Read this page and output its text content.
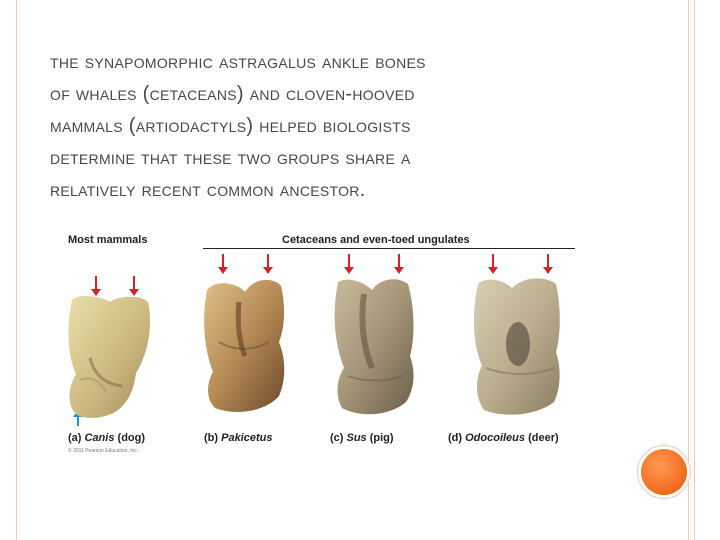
the synapomorphic astragalus ankle bones
of whales (cetaceans) and cloven-hooved
mammals (artiodactyls) helped biologists
determine that these two groups share a
relatively recent common ancestor.
Most mammals	Cetaceans and even-toed ungulates
(a) Canis (dog)	(b) Pakicetus	(c) Sus (pig)	(d) Odocoileus (deer)
© 2011 Pearson Education, Inc.
